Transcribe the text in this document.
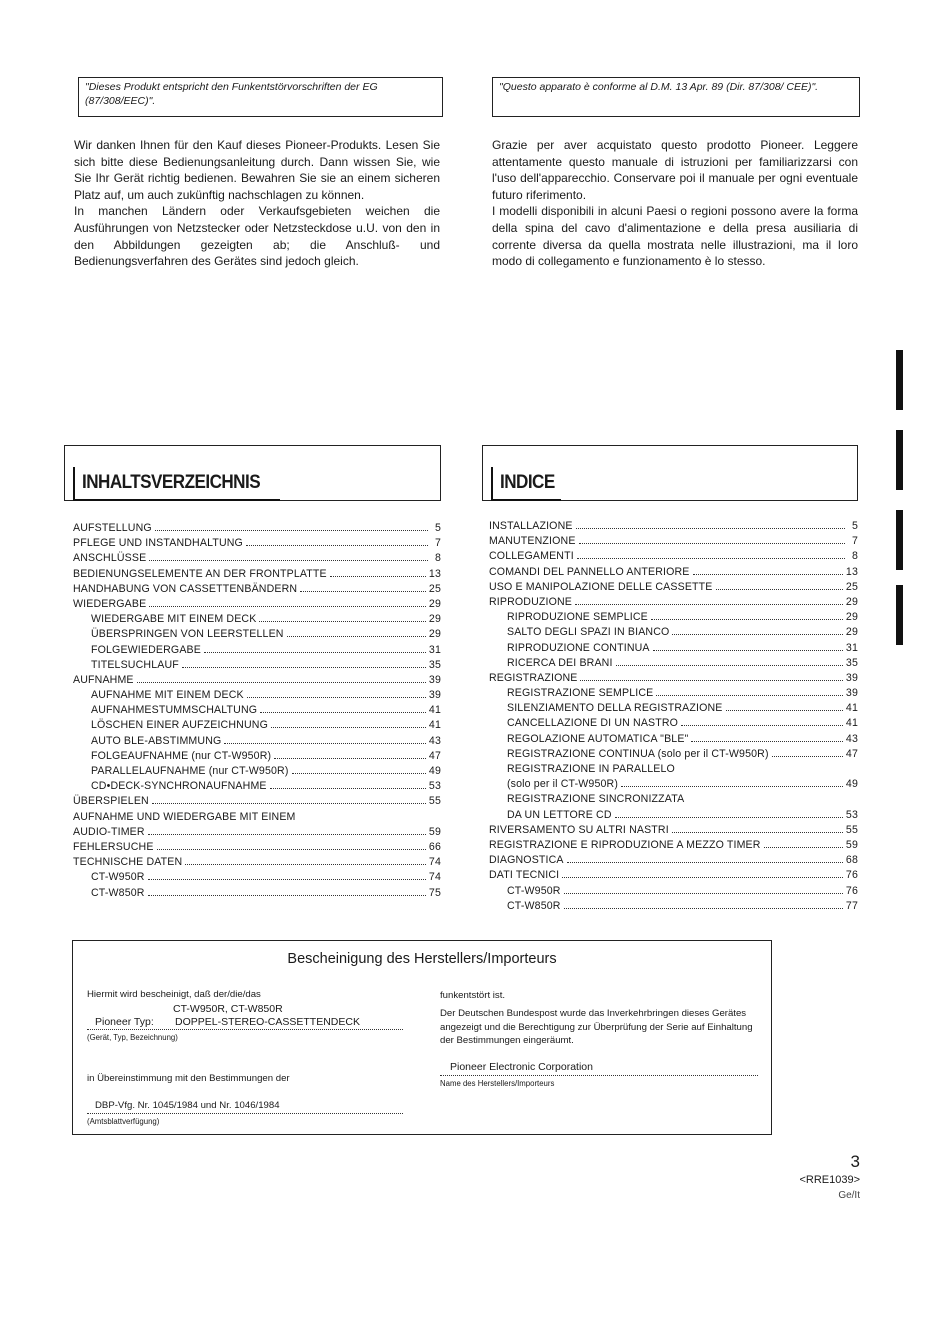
"Dieses Produkt entspricht den Funkentstörvorschriften der EG (87/308/EEC)".
"Questo apparato è conforme al D.M. 13 Apr. 89 (Dir. 87/308/ CEE)".

Wir danken Ihnen für den Kauf dieses Pioneer-Produkts. Lesen Sie sich bitte diese Bedienungsanleitung durch. Dann wissen Sie, wie Sie Ihr Gerät richtig bedienen. Bewahren Sie sie an einem sicheren Platz auf, um auch zukünftig nachschlagen zu können.

In manchen Ländern oder Verkaufsgebieten weichen die Ausführungen von Netzstecker oder Netzsteckdose u.U. von den in den Abbildungen gezeigten ab; die Anschluß- und Bedienungsverfahren des Gerätes sind jedoch gleich.

Grazie per aver acquistato questo prodotto Pioneer. Leggere attentamente questo manuale di istruzioni per familiarizzarsi con l'uso dell'apparecchio. Conservare poi il manuale per ogni eventuale futuro riferimento.

I modelli disponibili in alcuni Paesi o regioni possono avere la forma della spina del cavo d'alimentazione e della presa ausiliaria di corrente diversa da quella mostrata nelle illustrazioni, ma il loro modo di collegamento e funzionamento è lo stesso.

INHALTSVERZEICHNIS	INDICE
AUFSTELLUNG	5
PFLEGE UND INSTANDHALTUNG	7
ANSCHLÜSSE	8
BEDIENUNGSELEMENTE AN DER FRONTPLATTE	13
HANDHABUNG VON CASSETTENBÄNDERN	25
WIEDERGABE	29
WIEDERGABE MIT EINEM DECK	29
ÜBERSPRINGEN VON LEERSTELLEN	29
FOLGEWIEDERGABE	31
TITELSUCHLAUF	35
AUFNAHME	39
AUFNAHME MIT EINEM DECK	39
AUFNAHMESTUMMSCHALTUNG	41
LÖSCHEN EINER AUFZEICHNUNG	41
AUTO BLE-ABSTIMMUNG	43
FOLGEAUFNAHME (nur CT-W950R)	47
PARALLELAUFNAHME (nur CT-W950R)	49
CD•DECK-SYNCHRONAUFNAHME	53
ÜBERSPIELEN	55
AUFNAHME UND WIEDERGABE MIT EINEM
AUDIO-TIMER	59
FEHLERSUCHE	66
TECHNISCHE DATEN	74
CT-W950R	74
CT-W850R	75
INSTALLAZIONE	5
MANUTENZIONE	7
COLLEGAMENTI	8
COMANDI DEL PANNELLO ANTERIORE	13
USO E MANIPOLAZIONE DELLE CASSETTE	25
RIPRODUZIONE	29
RIPRODUZIONE SEMPLICE	29
SALTO DEGLI SPAZI IN BIANCO	29
RIPRODUZIONE CONTINUA	31
RICERCA DEI BRANI	35
REGISTRAZIONE	39
REGISTRAZIONE SEMPLICE	39
SILENZIAMENTO DELLA REGISTRAZIONE	41
CANCELLAZIONE DI UN NASTRO	41
REGOLAZIONE AUTOMATICA "BLE"	43
REGISTRAZIONE CONTINUA (solo per il CT-W950R)	47
REGISTRAZIONE IN PARALLELO
(solo per il CT-W950R)	49
REGISTRAZIONE SINCRONIZZATA
DA UN LETTORE CD	53
RIVERSAMENTO SU ALTRI NASTRI	55
REGISTRAZIONE E RIPRODUZIONE A MEZZO TIMER	59
DIAGNOSTICA	68
DATI TECNICI	76
CT-W950R	76
CT-W850R	77
Bescheinigung des Herstellers/Importeurs
Hiermit wird bescheinigt, daß der/die/das
CT-W950R, CT-W850R
Pioneer Typ: DOPPEL-STEREO-CASSETTENDECK
(Gerät, Typ, Bezeichnung)
in Übereinstimmung mit den Bestimmungen der
DBP-Vfg. Nr. 1045/1984 und Nr. 1046/1984
(Amtsblattverfügung)
funkentstört ist.
Der Deutschen Bundespost wurde das Inverkehrbringen dieses Gerätes angezeigt und die Berechtigung zur Überprüfung der Serie auf Einhaltung der Bestimmungen eingeräumt.
Pioneer Electronic Corporation
Name des Herstellers/Importeurs
3
<RRE1039>
Ge/It
